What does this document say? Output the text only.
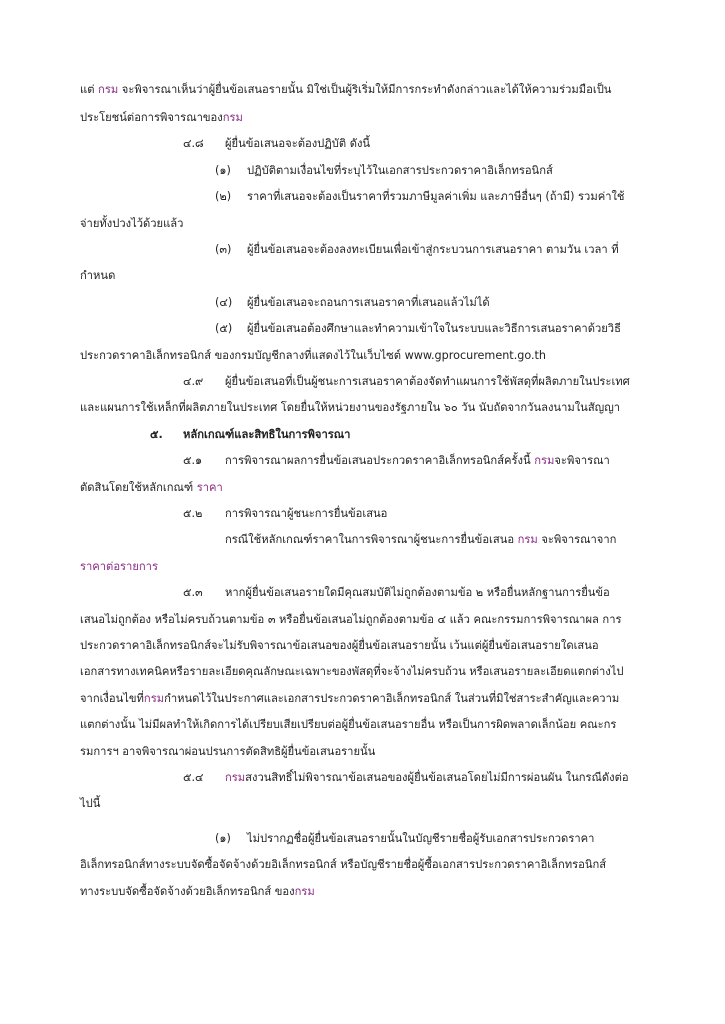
แต่ กรม จะพิจารณาเห็นว่าผู้ยื่นข้อเสนอรายนั้น มิใช่เป็นผู้ริเริ่มให้มีการกระทำดังกล่าวและได้ให้ความร่วมมือเป็น
ประโยชน์ต่อการพิจารณาของกรม
๔.๘ ผู้ยื่นข้อเสนอจะต้องปฏิบัติ ดังนี้
(๑) ปฏิบัติตามเงื่อนไขที่ระบุไว้ในเอกสารประกวดราคาอิเล็กทรอนิกส์
(๒) ราคาที่เสนอจะต้องเป็นราคาที่รวมภาษีมูลค่าเพิ่ม และภาษีอื่นๆ (ถ้ามี) รวมค่าใช้
จ่ายทั้งปวงไว้ด้วยแล้ว
(๓) ผู้ยื่นข้อเสนอจะต้องลงทะเบียนเพื่อเข้าสู่กระบวนการเสนอราคา ตามวัน เวลา ที่
กำหนด
(๔) ผู้ยื่นข้อเสนอจะถอนการเสนอราคาที่เสนอแล้วไม่ได้
(๕) ผู้ยื่นข้อเสนอต้องศึกษาและทำความเข้าใจในระบบและวิธีการเสนอราคาด้วยวิธี
ประกวดราคาอิเล็กทรอนิกส์ ของกรมบัญชีกลางที่แสดงไว้ในเว็บไซต์ www.gprocurement.go.th
๔.๙ ผู้ยื่นข้อเสนอที่เป็นผู้ชนะการเสนอราคาต้องจัดทำแผนการใช้พัสดุที่ผลิตภายในประเทศ
และแผนการใช้เหล็กที่ผลิตภายในประเทศ โดยยื่นให้หน่วยงานของรัฐภายใน ๖๐ วัน นับถัดจากวันลงนามในสัญญา
๕. หลักเกณฑ์และสิทธิในการพิจารณา
๕.๑ การพิจารณาผลการยื่นข้อเสนอประกวดราคาอิเล็กทรอนิกส์ครั้งนี้ กรมจะพิจารณา
ตัดสินโดยใช้หลักเกณฑ์ ราคา
๕.๒ การพิจารณาผู้ชนะการยื่นข้อเสนอ
กรณีใช้หลักเกณฑ์ราคาในการพิจารณาผู้ชนะการยื่นข้อเสนอ กรม จะพิจารณาจาก
ราคาต่อรายการ
๕.๓ หากผู้ยื่นข้อเสนอรายใดมีคุณสมบัติไม่ถูกต้องตามข้อ ๒ หรือยื่นหลักฐานการยื่นข้อ
เสนอไม่ถูกต้อง หรือไม่ครบถ้วนตามข้อ ๓ หรือยื่นข้อเสนอไม่ถูกต้องตามข้อ ๔ แล้ว คณะกรรมการพิจารณาผล การ
ประกวดราคาอิเล็กทรอนิกส์จะไม่รับพิจารณาข้อเสนอของผู้ยื่นข้อเสนอรายนั้น เว้นแต่ผู้ยื่นข้อเสนอรายใดเสนอ
เอกสารทางเทคนิคหรือรายละเอียดคุณลักษณะเฉพาะของพัสดุที่จะจ้างไม่ครบถ้วน หรือเสนอรายละเอียดแตกต่างไป
จากเงื่อนไขที่กรมกำหนดไว้ในประกาศและเอกสารประกวดราคาอิเล็กทรอนิกส์ ในส่วนที่มิใช่สาระสำคัญและความ
แตกต่างนั้น ไม่มีผลทำให้เกิดการได้เปรียบเสียเปรียบต่อผู้ยื่นข้อเสนอรายอื่น หรือเป็นการผิดพลาดเล็กน้อย คณะกร
รมการฯ อาจพิจารณาผ่อนปรนการตัดสิทธิผู้ยื่นข้อเสนอรายนั้น
๕.๔ กรมสงวนสิทธิ์ไม่พิจารณาข้อเสนอของผู้ยื่นข้อเสนอโดยไม่มีการผ่อนผัน ในกรณีดังต่อ
ไปนี้
(๑) ไม่ปรากฏชื่อผู้ยื่นข้อเสนอรายนั้นในบัญชีรายชื่อผู้รับเอกสารประกวดราคา
อิเล็กทรอนิกส์ทางระบบจัดซื้อจัดจ้างด้วยอิเล็กทรอนิกส์ หรือบัญชีรายชื่อผู้ซื้อเอกสารประกวดราคาอิเล็กทรอนิกส์
ทางระบบจัดซื้อจัดจ้างด้วยอิเล็กทรอนิกส์ ของกรม
